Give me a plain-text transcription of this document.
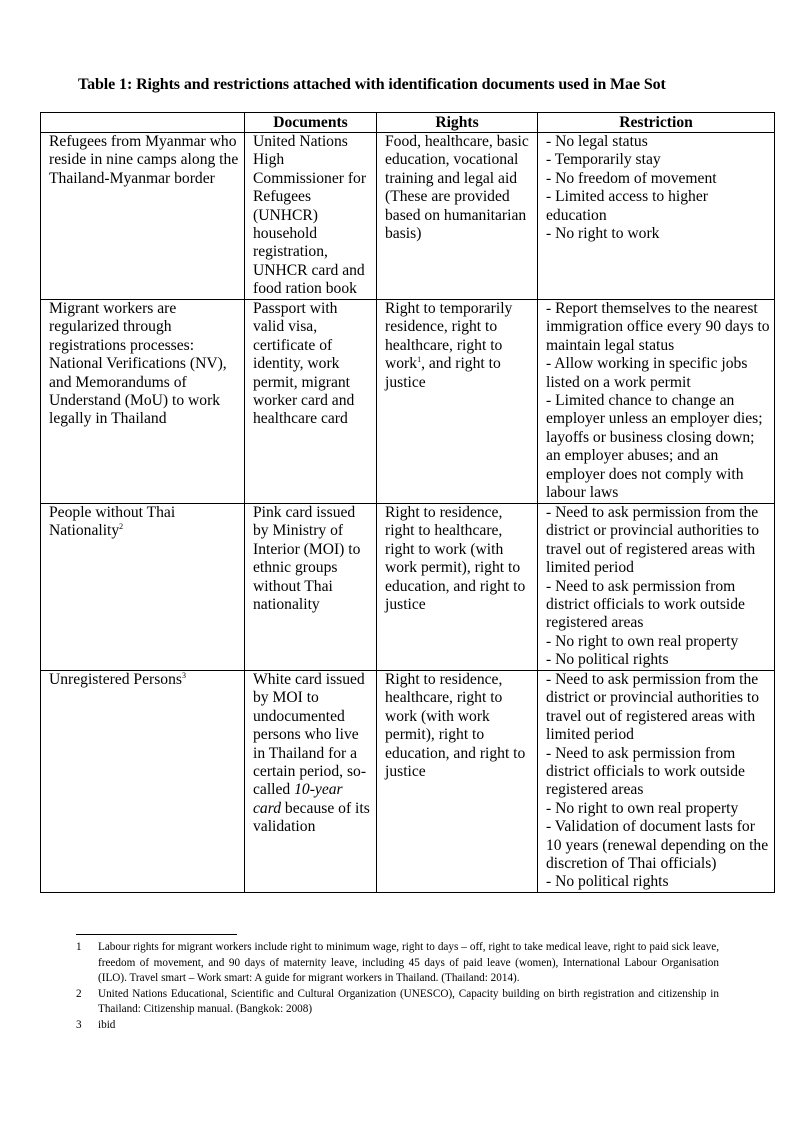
Table 1: Rights and restrictions attached with identification documents used in Mae Sot
	Documents	Rights	Restriction
Refugees from Myanmar who reside in nine camps along the Thailand-Myanmar border	United Nations High Commissioner for Refugees (UNHCR) household registration, UNHCR card and food ration book	Food, healthcare, basic education, vocational training and legal aid (These are provided based on humanitarian basis)	- No legal status
- Temporarily stay
- No freedom of movement
- Limited access to higher education
- No right to work

Migrant workers are regularized through registrations processes: National Verifications (NV), and Memorandums of Understand (MoU) to work legally in Thailand	Passport with valid visa, certificate of identity, work permit, migrant worker card and healthcare card	Right to temporarily residence, right to healthcare, right to work$^1$, and right to justice	- Report themselves to the nearest immigration office every 90 days to maintain legal status
- Allow working in specific jobs listed on a work permit
- Limited chance to change an employer unless an employer dies; layoffs or business closing down; an employer abuses; and an employer does not comply with labour laws

People without Thai Nationality$^2$	Pink card issued by Ministry of Interior (MOI) to ethnic groups without Thai nationality	Right to residence, right to healthcare, right to work (with work permit), right to education, and right to justice	- Need to ask permission from the district or provincial authorities to travel out of registered areas with limited period
- Need to ask permission from district officials to work outside registered areas
- No right to own real property
- No political rights

Unregistered Persons$^3$	White card issued by MOI to undocumented persons who live in Thailand for a certain period, so-called 10-year card because of its validation	Right to residence, healthcare, right to work (with work permit), right to education, and right to justice	- Need to ask permission from the district or provincial authorities to travel out of registered areas with limited period
- Need to ask permission from district officials to work outside registered areas
- No right to own real property
- Validation of document lasts for 10 years (renewal depending on the discretion of Thai officials)
- No political rights
1	Labour rights for migrant workers include right to minimum wage, right to days – off, right to take medical leave, right to paid sick leave, freedom of movement, and 90 days of maternity leave, including 45 days of paid leave (women), International Labour Organisation (ILO). Travel smart – Work smart: A guide for migrant workers in Thailand. (Thailand: 2014).
2	United Nations Educational, Scientific and Cultural Organization (UNESCO), Capacity building on birth registration and citizenship in Thailand: Citizenship manual. (Bangkok: 2008)
3	ibid
